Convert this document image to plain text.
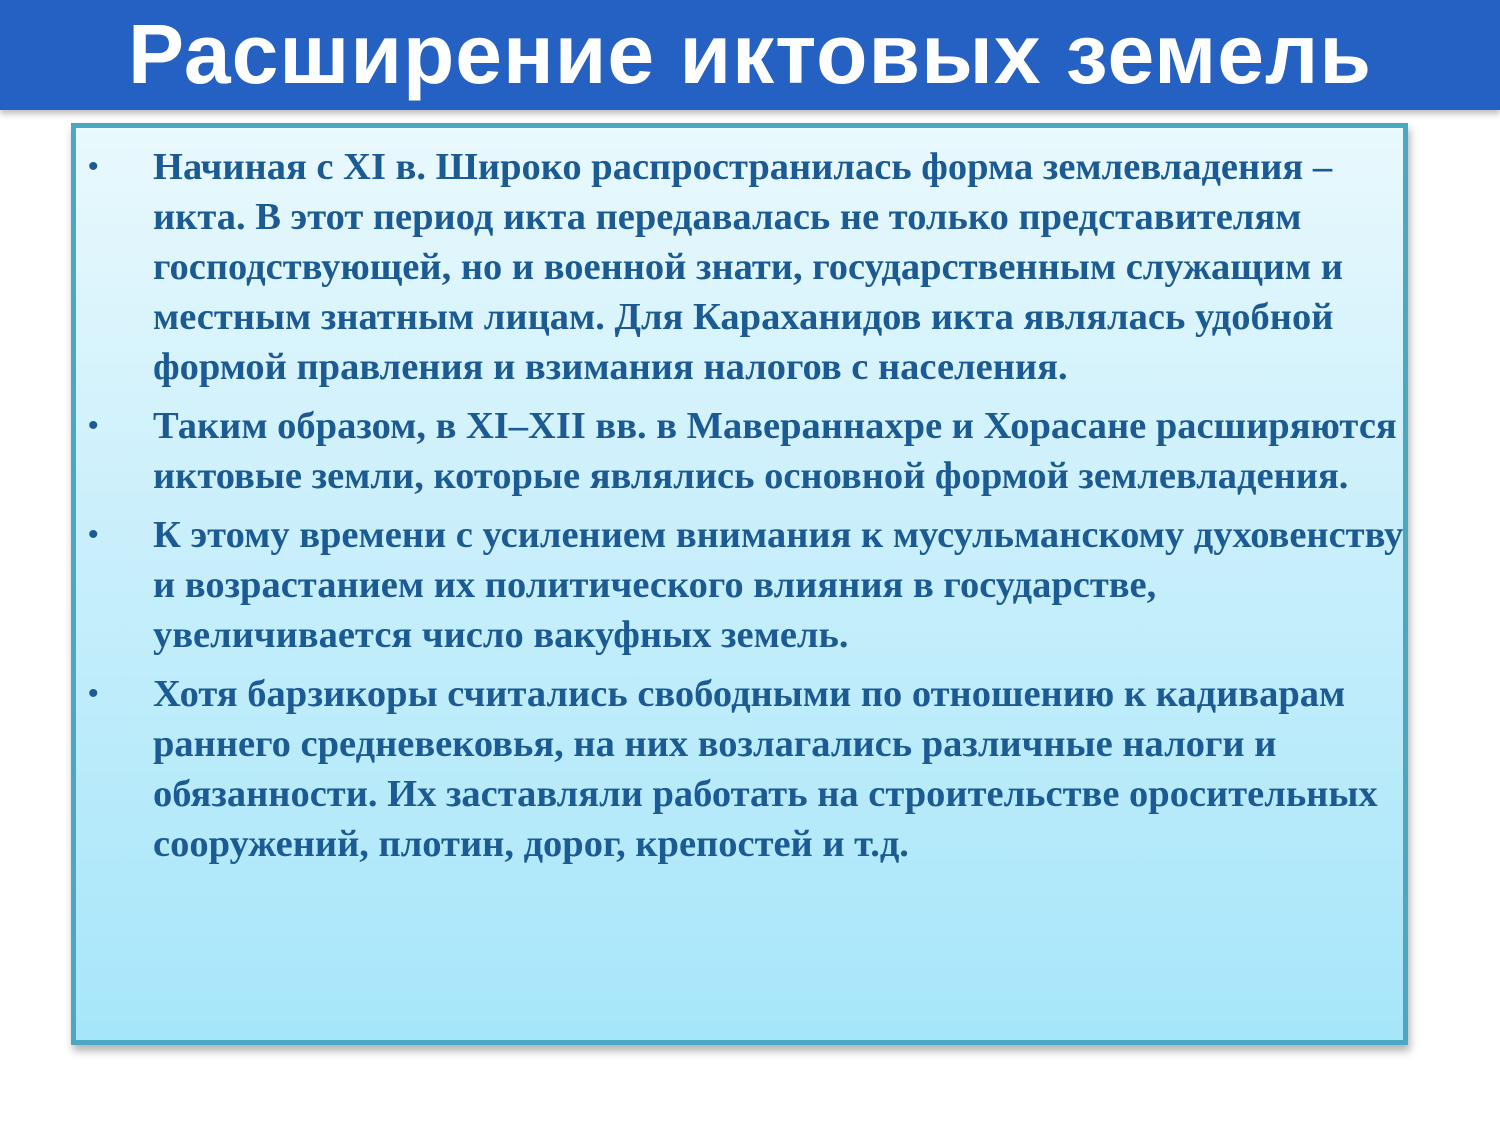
Расширение иктовых земель
• Начиная с XI в. Широко распространилась форма землевладения – икта. В этот период икта передавалась не только представителям господствующей, но и военной знати, государственным служащим и местным знатным лицам. Для Караханидов икта являлась удобной формой правления и взимания налогов с населения.
• Таким образом, в XI–XII вв. в Мавераннахре и Хорасане расширяются иктовые земли, которые являлись основной формой землевладения.
• К этому времени с усилением внимания к мусульманскому духовенству и возрастанием их политического влияния в государстве, увеличивается число вакуфных земель.
• Хотя барзикоры считались свободными по отношению к кадиварам раннего средневековья, на них возлагались различные налоги и обязанности. Их заставляли работать на строительстве оросительных сооружений, плотин, дорог, крепостей и т.д.
